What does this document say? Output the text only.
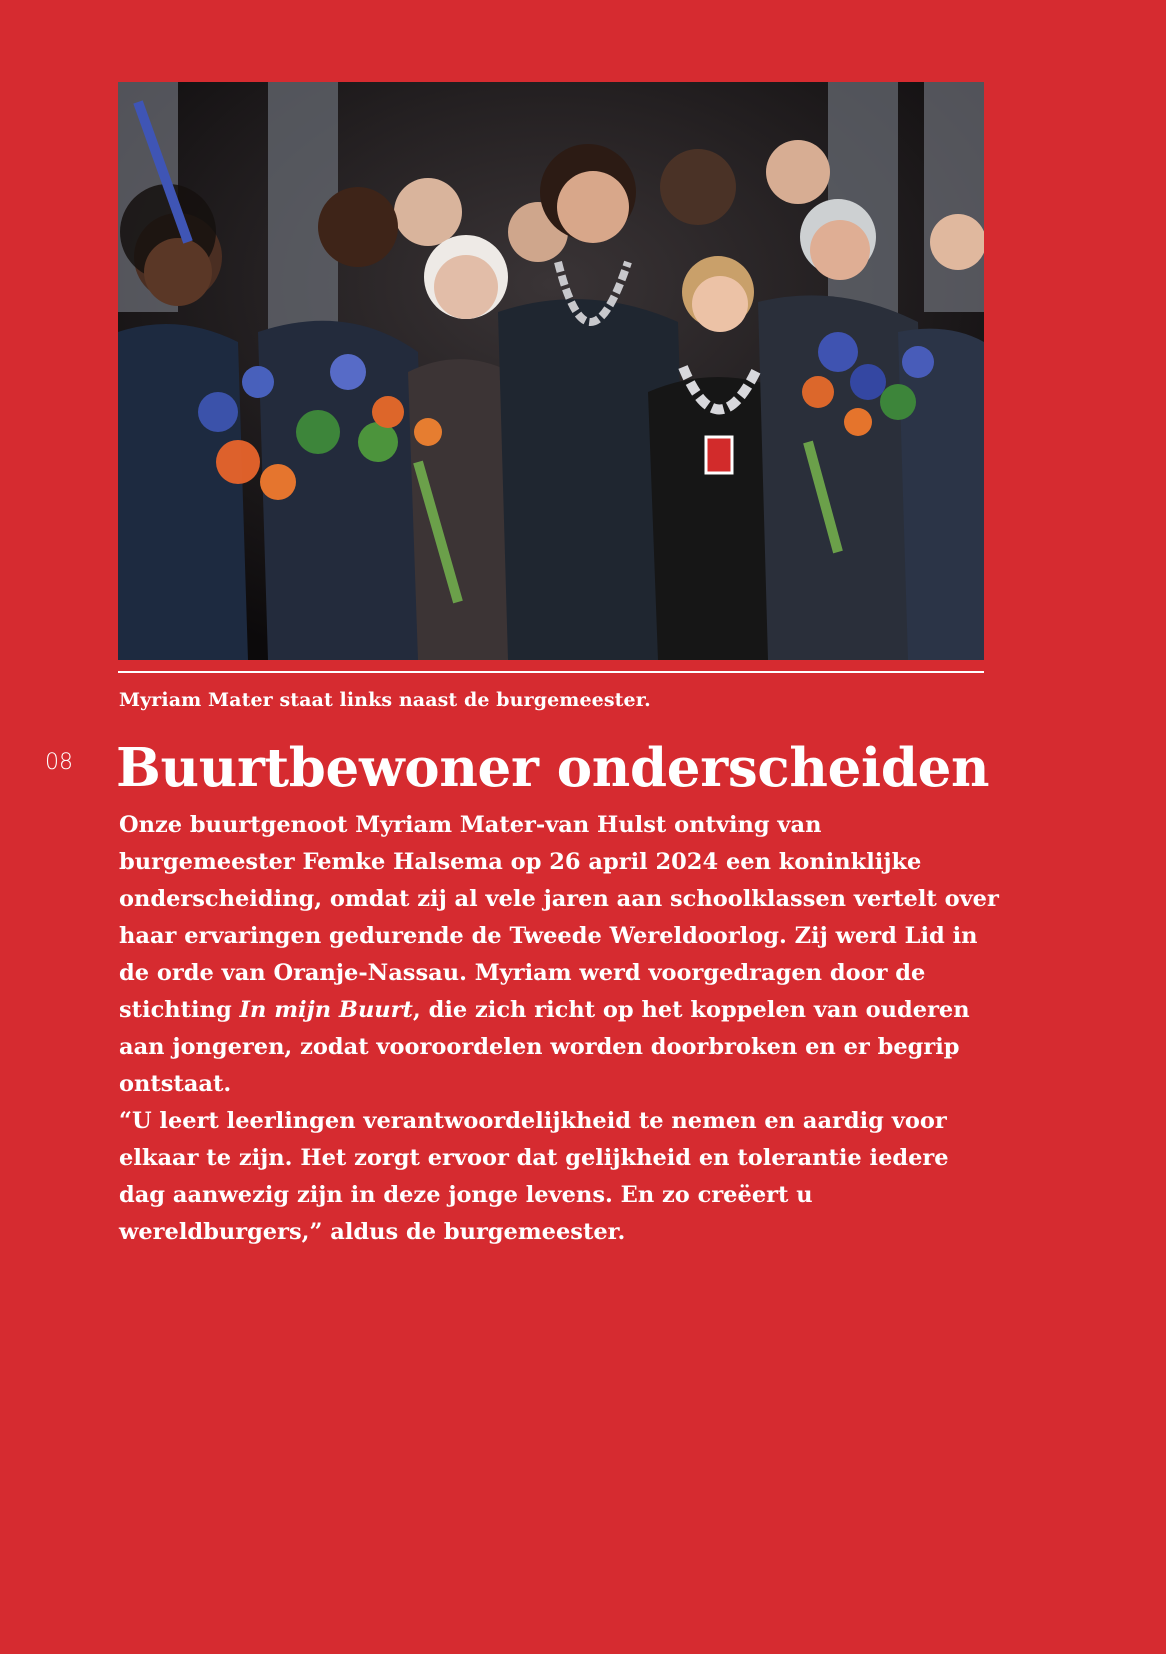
Myriam Mater staat links naast de burgemeester.
08 Buurtbewoner onderscheiden

Onze buurtgenoot Myriam Mater-van Hulst ontving van burgemeester Femke Halsema op 26 april 2024 een koninklijke onderscheiding, omdat zij al vele jaren aan schoolklassen vertelt over haar ervaringen gedurende de Tweede Wereldoorlog. Zij werd Lid in de orde van Oranje-Nassau. Myriam werd voorgedragen door de stichting In mijn Buurt, die zich richt op het koppelen van ouderen aan jongeren, zodat vooroordelen worden doorbroken en er begrip ontstaat.

“U leert leerlingen verantwoordelijkheid te nemen en aardig voor elkaar te zijn. Het zorgt ervoor dat gelijkheid en tolerantie iedere dag aanwezig zijn in deze jonge levens. En zo creëert u wereldburgers,” aldus de burgemeester.
